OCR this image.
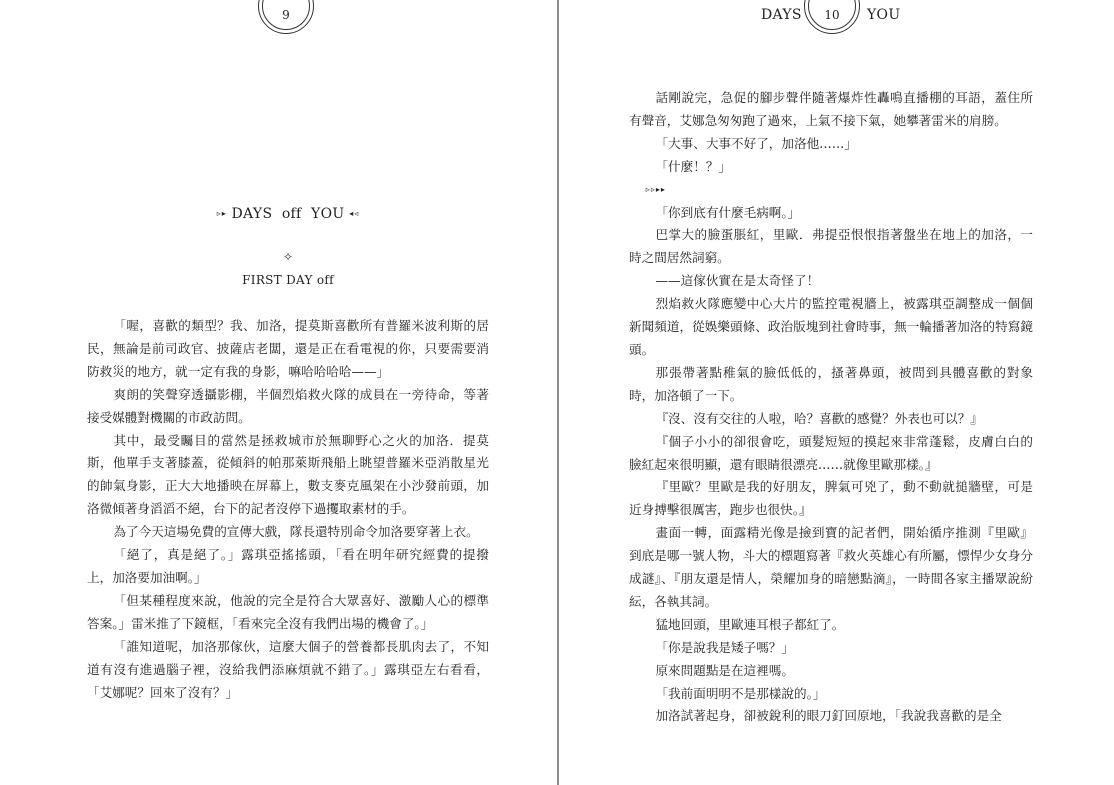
9
▹▸ DAYS  off  YOU ◂◃
✧
FIRST DAY off

「喔，喜歡的類型？我、加洛，提莫斯喜歡所有普羅米波利斯的居民，無論是前司政官、披薩店老闆，還是正在看電視的你，只要需要消防救災的地方，就一定有我的身影，嘛哈哈哈哈——」

爽朗的笑聲穿透攝影棚，半個烈焰救火隊的成員在一旁待命，等著接受媒體對機關的市政訪問。

其中，最受矚目的當然是拯救城市於無聊野心之火的加洛．提莫斯，他單手支著膝蓋，從傾斜的帕那萊斯飛船上眺望普羅米亞消散星光的帥氣身影，正大大地播映在屏幕上，數支麥克風架在小沙發前頭，加洛微傾著身滔滔不絕，台下的記者沒停下過攫取素材的手。

為了今天這場免費的宣傳大戲，隊長還特別命令加洛要穿著上衣。

「絕了，真是絕了。」露琪亞搖搖頭，「看在明年研究經費的提撥上，加洛要加油啊。」

「但某種程度來說，他說的完全是符合大眾喜好、激勵人心的標準答案。」雷米推了下鏡框，「看來完全沒有我們出場的機會了。」

「誰知道呢，加洛那傢伙，這麼大個子的營養都長肌肉去了，不知道有沒有進過腦子裡，沒給我們添麻煩就不錯了。」露琪亞左右看看，「艾娜呢？回來了沒有？」

DAYS	10	YOU

話剛說完，急促的腳步聲伴隨著爆炸性轟鳴直播棚的耳語，蓋住所有聲音，艾娜急匆匆跑了過來，上氣不接下氣，她攀著雷米的肩膀。

「大事、大事不好了，加洛他……」

「什麼！？」

▹▹▸▸

「你到底有什麼毛病啊。」

巴掌大的臉蛋脹紅，里歐．弗提亞恨恨指著盤坐在地上的加洛，一時之間居然詞窮。

——這傢伙實在是太奇怪了！

烈焰救火隊應變中心大片的監控電視牆上，被露琪亞調整成一個個新聞頻道，從娛樂頭條、政治版塊到社會時事，無一輪播著加洛的特寫鏡頭。

那張帶著點稚氣的臉低低的，搔著鼻頭，被問到具體喜歡的對象時，加洛頓了一下。

『沒、沒有交往的人啦，哈？喜歡的感覺？外表也可以？』

『個子小小的卻很會吃，頭髮短短的摸起來非常蓬鬆，皮膚白白的臉紅起來很明顯，還有眼睛很漂亮……就像里歐那樣。』

『里歐？里歐是我的好朋友，脾氣可兇了，動不動就搥牆壁，可是近身搏擊很厲害，跑步也很快。』

畫面一轉，面露精光像是撿到寶的記者們，開始循序推測『里歐』到底是哪一號人物，斗大的標題寫著『救火英雄心有所屬，慓悍少女身分成謎』、『朋友還是情人，榮耀加身的暗戀點滴』，一時間各家主播眾說紛紜，各執其詞。

猛地回頭，里歐連耳根子都紅了。

「你是說我是矮子嗎？」

原來問題點是在這裡嗎。

「我前面明明不是那樣說的。」

加洛試著起身，卻被銳利的眼刀釘回原地，「我說我喜歡的是全
